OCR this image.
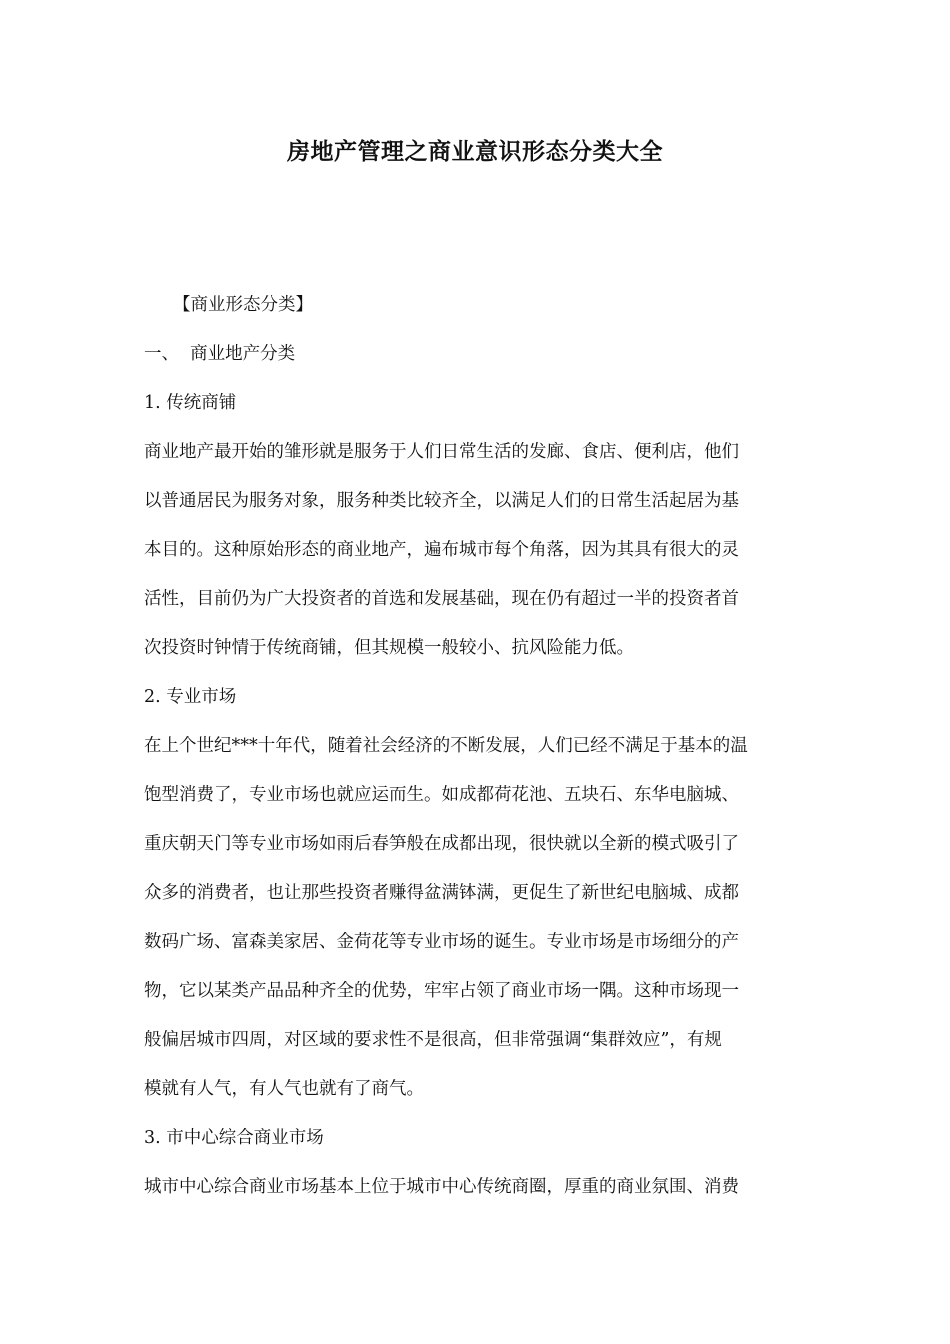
房地产管理之商业意识形态分类大全
【商业形态分类】
一、  商业地产分类
1. 传统商铺
商业地产最开始的雏形就是服务于人们日常生活的发廊、食店、便利店，他们
以普通居民为服务对象，服务种类比较齐全，以满足人们的日常生活起居为基
本目的。这种原始形态的商业地产，遍布城市每个角落，因为其具有很大的灵
活性，目前仍为广大投资者的首选和发展基础，现在仍有超过一半的投资者首
次投资时钟情于传统商铺，但其规模一般较小、抗风险能力低。
2. 专业市场
在上个世纪***十年代，随着社会经济的不断发展，人们已经不满足于基本的温
饱型消费了，专业市场也就应运而生。如成都荷花池、五块石、东华电脑城、
重庆朝天门等专业市场如雨后春笋般在成都出现，很快就以全新的模式吸引了
众多的消费者，也让那些投资者赚得盆满钵满，更促生了新世纪电脑城、成都
数码广场、富森美家居、金荷花等专业市场的诞生。专业市场是市场细分的产
物，它以某类产品品种齐全的优势，牢牢占领了商业市场一隅。这种市场现一
般偏居城市四周，对区域的要求性不是很高，但非常强调“集群效应”，有规
模就有人气，有人气也就有了商气。
3. 市中心综合商业市场
城市中心综合商业市场基本上位于城市中心传统商圈，厚重的商业氛围、消费
